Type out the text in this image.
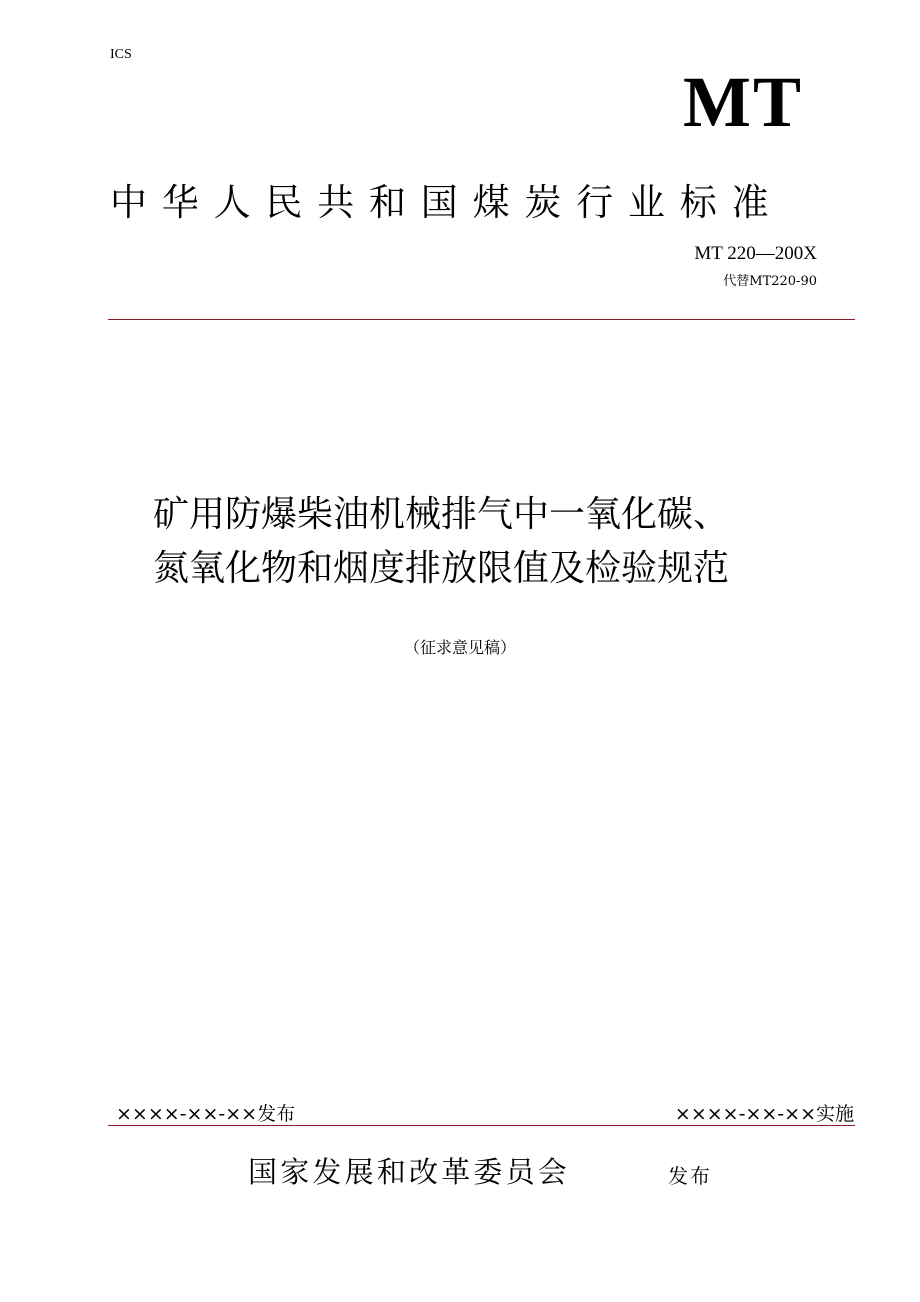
ICS
MT
中华人民共和国煤炭行业标准
MT 220—200X
代替MT220-90
矿用防爆柴油机械排气中一氧化碳、
氮氧化物和烟度排放限值及检验规范
（征求意见稿）
××××-××-××发布	××××-××-××实施
国家发展和改革委员会	发布
